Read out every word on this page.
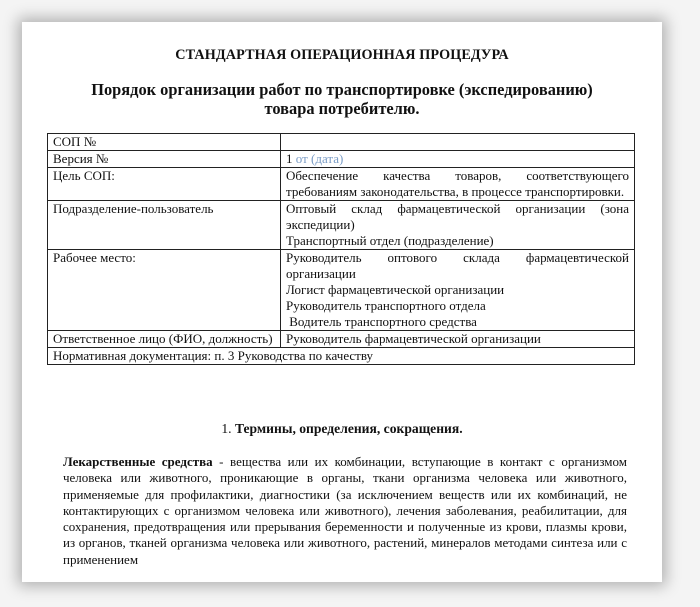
СТАНДАРТНАЯ ОПЕРАЦИОННАЯ ПРОЦЕДУРА
Порядок организации работ по транспортировке (экспедированию)
товара потребителю.
СОП №	
Версия №	1 от (дата)
Цель СОП:	Обеспечение качества товаров, соответствующего требованиям законодательства, в процессе транспортировки.
Подразделение-пользователь	Оптовый склад фармацевтической организации (зона экспедиции)
Транспортный отдел (подразделение)

Рабочее место:	Руководитель оптового склада фармацевтической организации
Логист фармацевтической организации
Руководитель транспортного отдела
Водитель транспортного средства

Ответственное лицо (ФИО, должность)	Руководитель фармацевтической организации
Нормативная документация: п. 3 Руководства по качеству	
1. Термины, определения, сокращения.
Лекарственные средства - вещества или их комбинации, вступающие в контакт с организмом человека или животного, проникающие в органы, ткани организма человека или животного, применяемые для профилактики, диагностики (за исключением веществ или их комбинаций, не контактирующих с организмом человека или животного), лечения заболевания, реабилитации, для сохранения, предотвращения или прерывания беременности и полученные из крови, плазмы крови, из органов, тканей организма человека или животного, растений, минералов методами синтеза или с применением
